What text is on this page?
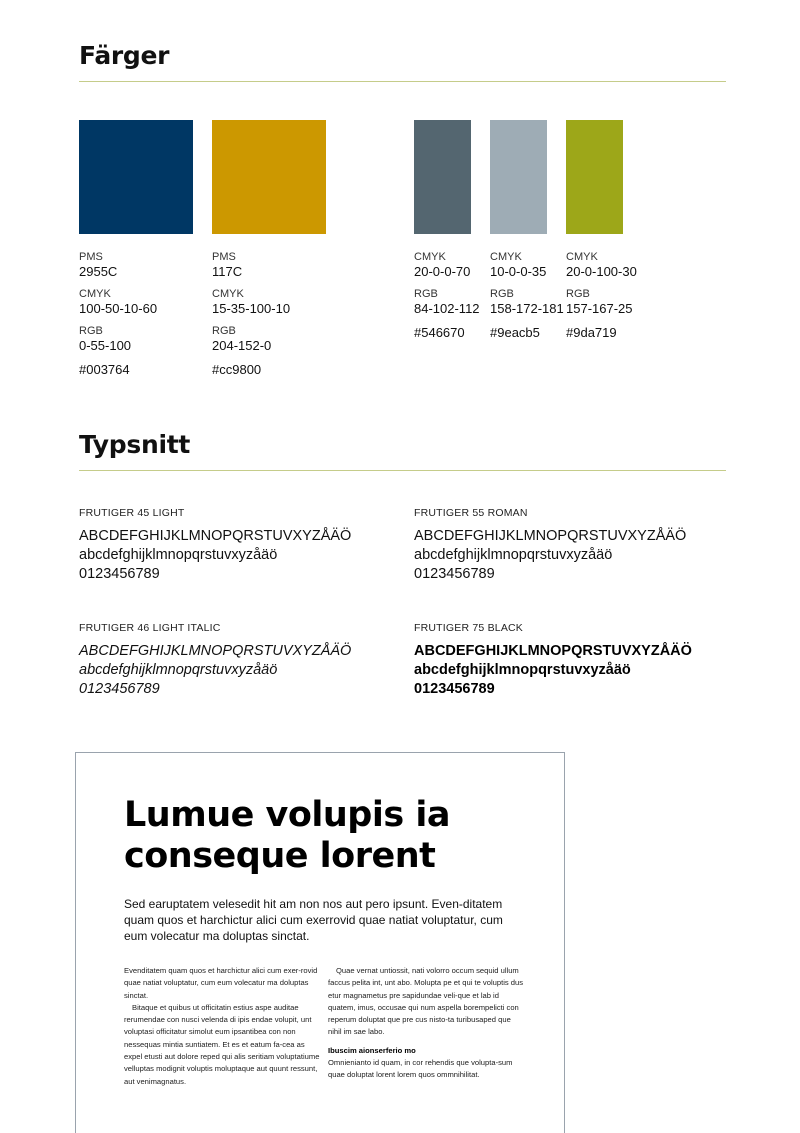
Färger
PMS
2955C
CMYK
100-50-10-60
RGB
0-55-100
#003764
PMS
117C
CMYK
15-35-100-10
RGB
204-152-0
#cc9800
CMYK
20-0-0-70
RGB
84-102-112
#546670
CMYK
10-0-0-35
RGB
158-172-181
#9eacb5
CMYK
20-0-100-30
RGB
157-167-25
#9da719
Typsnitt
FRUTIGER 45 LIGHT
ABCDEFGHIJKLMNOPQRSTUVXYZÅÄÖ
abcdefghijklmnopqrstuvxyzåäö
0123456789
FRUTIGER 55 ROMAN
ABCDEFGHIJKLMNOPQRSTUVXYZÅÄÖ
abcdefghijklmnopqrstuvxyzåäö
0123456789
FRUTIGER 46 LIGHT ITALIC
ABCDEFGHIJKLMNOPQRSTUVXYZÅÄÖ
abcdefghijklmnopqrstuvxyzåäö
0123456789
FRUTIGER 75 BLACK
ABCDEFGHIJKLMNOPQRSTUVXYZÅÄÖ
abcdefghijklmnopqrstuvxyzåäö
0123456789
Lumue volupis ia
conseque lorent

Sed earuptatem velesedit hit am non nos aut pero ipsunt. Even-ditatem quam quos et harchictur alici cum exerrovid quae natiat voluptatur, cum eum volecatur ma doluptas sinctat.

Evenditatem quam quos et harchictur alici cum exer-rovid quae natiat voluptatur, cum eum volecatur ma doluptas sinctat.

Bitaque et quibus ut officitatin estius aspe auditae rerumendae con nusci velenda di ipis endae volupit, unt voluptasi officitatur simolut eum ipsantibea con non nessequas mintia suntiatem. Et es et eatum fa-cea as expel etusti aut dolore reped qui alis seritiam voluptatiume velluptas modignit voluptis moluptaque aut quunt ressunt, aut venimagnatus.

Quae vernat untiossit, nati volorro occum sequid ullum faccus pelita int, unt abo. Molupta pe et qui te voluptis dus etur magnametus pre sapidundae veli-que et lab id quatem, imus, occusae qui num aspella borempelicti con reperum doluptat que pre cus nisto-ta turibusaped que nihil im sae labo.

Ibuscim aionserferio mo

Omnienianto id quam, in cor rehendis que volupta-sum quae doluptat lorent lorem quos ommnihilitat.
